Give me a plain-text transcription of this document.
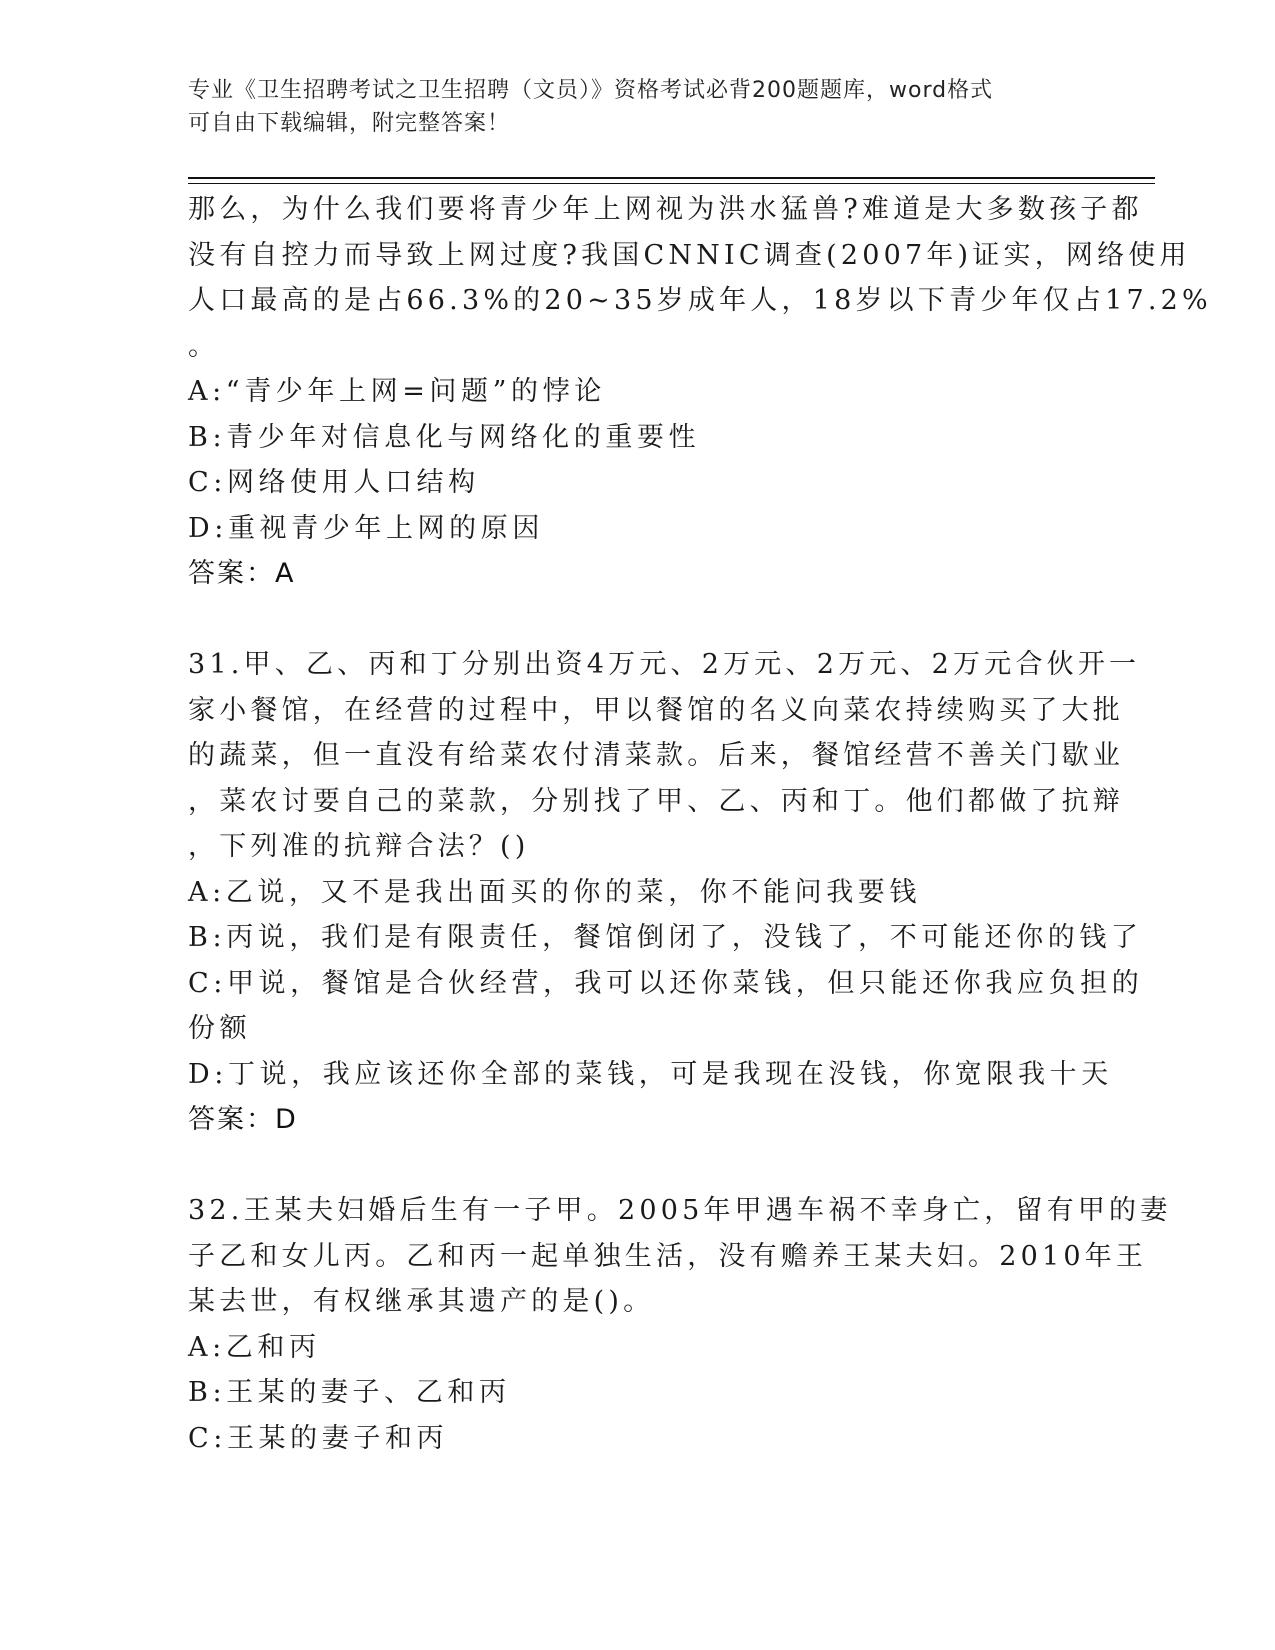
专业《卫生招聘考试之卫生招聘（文员）》资格考试必背200题题库，word格式
可自由下载编辑，附完整答案！
那么，为什么我们要将青少年上网视为洪水猛兽?难道是大多数孩子都
没有自控力而导致上网过度?我国CNNIC调查(2007年)证实，网络使用
人口最高的是占66.3%的20~35岁成年人，18岁以下青少年仅占17.2%
。
A:“青少年上网=问题”的悖论
B:青少年对信息化与网络化的重要性
C:网络使用人口结构
D:重视青少年上网的原因
答案：A
31.甲、乙、丙和丁分别出资4万元、2万元、2万元、2万元合伙开一
家小餐馆，在经营的过程中，甲以餐馆的名义向菜农持续购买了大批
的蔬菜，但一直没有给菜农付清菜款。后来，餐馆经营不善关门歇业
，菜农讨要自己的菜款，分别找了甲、乙、丙和丁。他们都做了抗辩
，下列准的抗辩合法？()
A:乙说，又不是我出面买的你的菜，你不能问我要钱
B:丙说，我们是有限责任，餐馆倒闭了，没钱了，不可能还你的钱了
C:甲说，餐馆是合伙经营，我可以还你菜钱，但只能还你我应负担的
份额
D:丁说，我应该还你全部的菜钱，可是我现在没钱，你宽限我十天
答案：D
32.王某夫妇婚后生有一子甲。2005年甲遇车祸不幸身亡，留有甲的妻
子乙和女儿丙。乙和丙一起单独生活，没有赡养王某夫妇。2010年王
某去世，有权继承其遗产的是()。
A:乙和丙
B:王某的妻子、乙和丙
C:王某的妻子和丙
